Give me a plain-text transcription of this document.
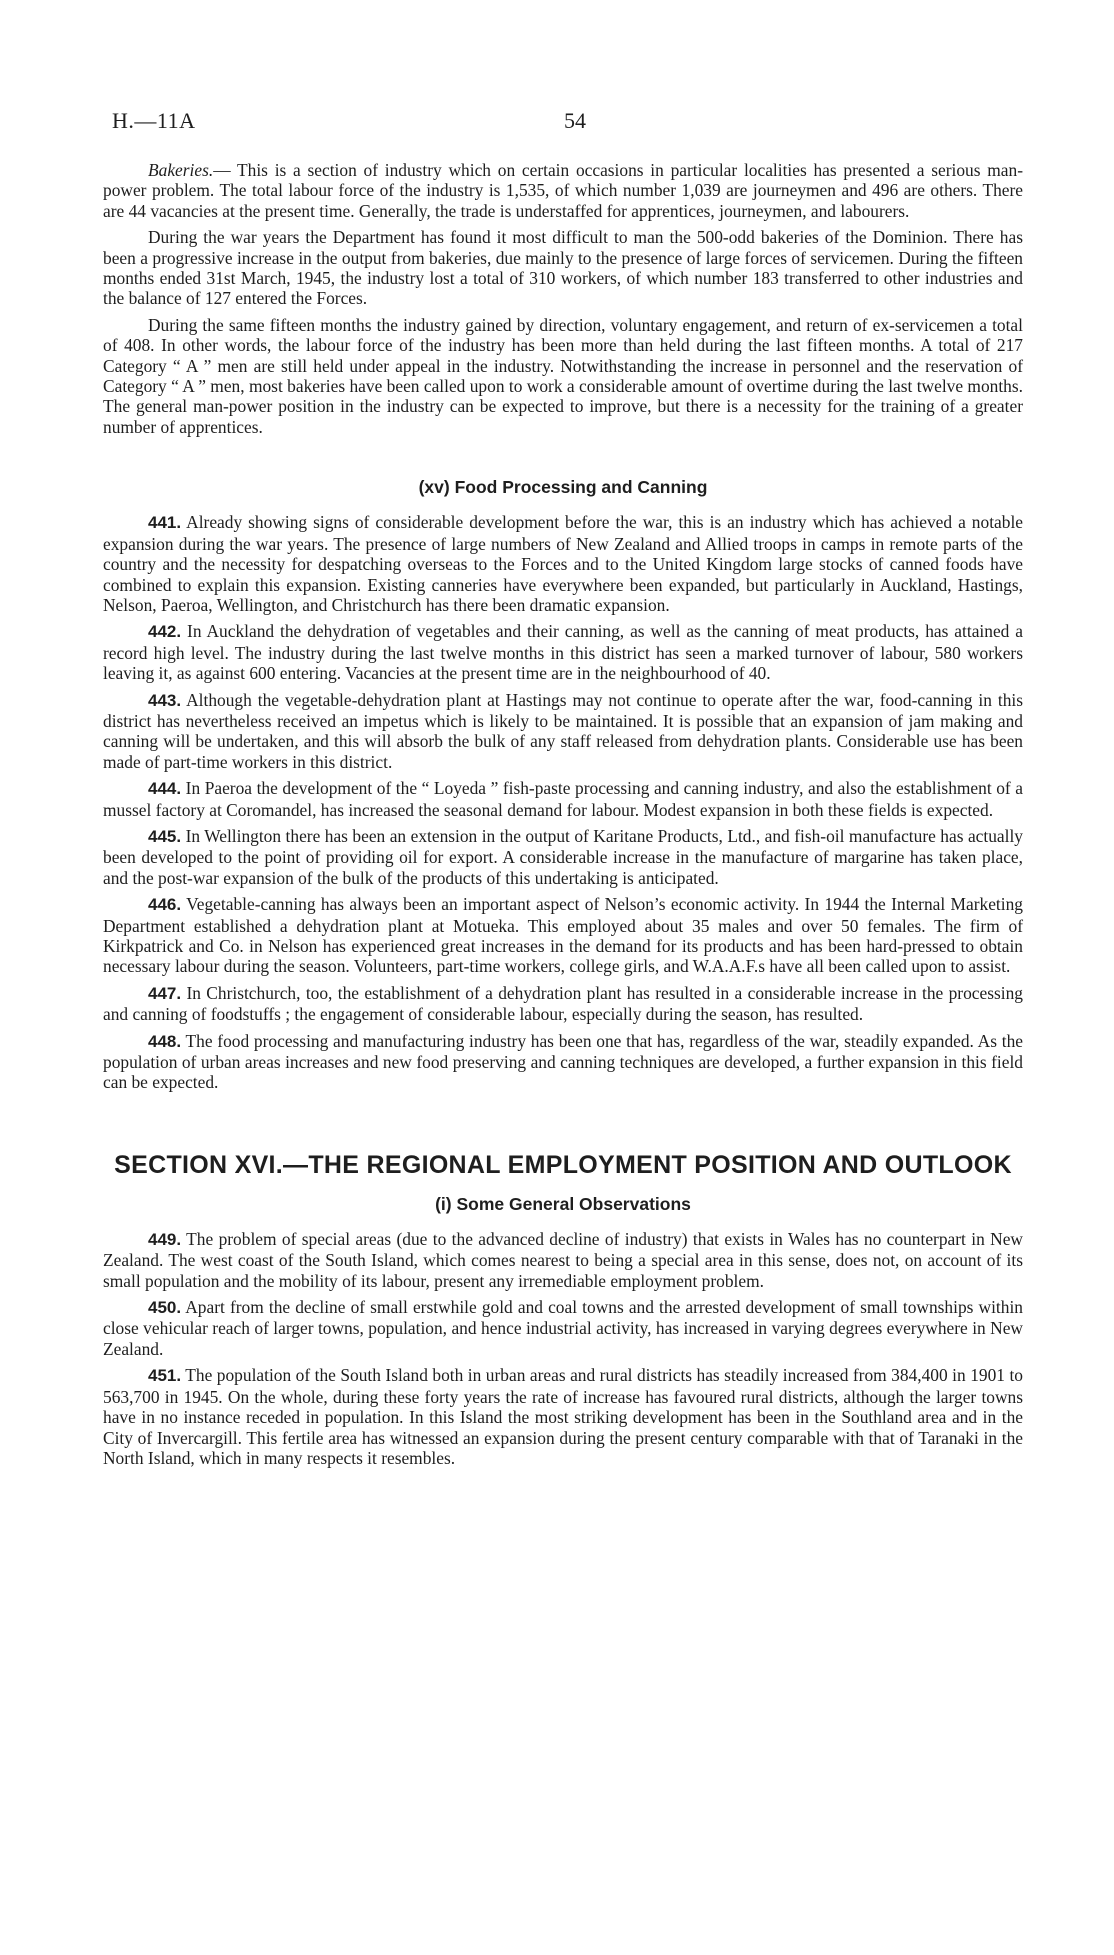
H.—11A	54

Bakeries.— This is a section of industry which on certain occasions in particular localities has presented a serious man-power problem. The total labour force of the industry is 1,535, of which number 1,039 are journeymen and 496 are others. There are 44 vacancies at the present time. Generally, the trade is understaffed for apprentices, journeymen, and labourers.

During the war years the Department has found it most difficult to man the 500-odd bakeries of the Dominion. There has been a progressive increase in the output from bakeries, due mainly to the presence of large forces of servicemen. During the fifteen months ended 31st March, 1945, the industry lost a total of 310 workers, of which number 183 transferred to other industries and the balance of 127 entered the Forces.

During the same fifteen months the industry gained by direction, voluntary engagement, and return of ex-servicemen a total of 408. In other words, the labour force of the industry has been more than held during the last fifteen months. A total of 217 Category “ A ” men are still held under appeal in the industry. Notwithstanding the increase in personnel and the reservation of Category “ A ” men, most bakeries have been called upon to work a considerable amount of overtime during the last twelve months. The general man-power position in the industry can be expected to improve, but there is a necessity for the training of a greater number of apprentices.

(xv) Food Processing and Canning

441. Already showing signs of considerable development before the war, this is an industry which has achieved a notable expansion during the war years. The presence of large numbers of New Zealand and Allied troops in camps in remote parts of the country and the necessity for despatching overseas to the Forces and to the United Kingdom large stocks of canned foods have combined to explain this expansion. Existing canneries have everywhere been expanded, but particularly in Auckland, Hastings, Nelson, Paeroa, Wellington, and Christchurch has there been dramatic expansion.

442. In Auckland the dehydration of vegetables and their canning, as well as the canning of meat products, has attained a record high level. The industry during the last twelve months in this district has seen a marked turnover of labour, 580 workers leaving it, as against 600 entering. Vacancies at the present time are in the neighbourhood of 40.

443. Although the vegetable-dehydration plant at Hastings may not continue to operate after the war, food-canning in this district has nevertheless received an impetus which is likely to be maintained. It is possible that an expansion of jam making and canning will be undertaken, and this will absorb the bulk of any staff released from dehydration plants. Considerable use has been made of part-time workers in this district.

444. In Paeroa the development of the “ Loyeda ” fish-paste processing and canning industry, and also the establishment of a mussel factory at Coromandel, has increased the seasonal demand for labour. Modest expansion in both these fields is expected.

445. In Wellington there has been an extension in the output of Karitane Products, Ltd., and fish-oil manufacture has actually been developed to the point of providing oil for export. A considerable increase in the manufacture of margarine has taken place, and the post-war expansion of the bulk of the products of this undertaking is anticipated.

446. Vegetable-canning has always been an important aspect of Nelson’s economic activity. In 1944 the Internal Marketing Department established a dehydration plant at Motueka. This employed about 35 males and over 50 females. The firm of Kirkpatrick and Co. in Nelson has experienced great increases in the demand for its products and has been hard-pressed to obtain necessary labour during the season. Volunteers, part-time workers, college girls, and W.A.A.F.s have all been called upon to assist.

447. In Christchurch, too, the establishment of a dehydration plant has resulted in a considerable increase in the processing and canning of foodstuffs ; the engagement of considerable labour, especially during the season, has resulted.

448. The food processing and manufacturing industry has been one that has, regardless of the war, steadily expanded. As the population of urban areas increases and new food preserving and canning techniques are developed, a further expansion in this field can be expected.

SECTION XVI.—THE REGIONAL EMPLOYMENT POSITION AND OUTLOOK
(i) Some General Observations

449. The problem of special areas (due to the advanced decline of industry) that exists in Wales has no counterpart in New Zealand. The west coast of the South Island, which comes nearest to being a special area in this sense, does not, on account of its small population and the mobility of its labour, present any irremediable employment problem.

450. Apart from the decline of small erstwhile gold and coal towns and the arrested development of small townships within close vehicular reach of larger towns, population, and hence industrial activity, has increased in varying degrees everywhere in New Zealand.

451. The population of the South Island both in urban areas and rural districts has steadily increased from 384,400 in 1901 to 563,700 in 1945. On the whole, during these forty years the rate of increase has favoured rural districts, although the larger towns have in no instance receded in population. In this Island the most striking development has been in the Southland area and in the City of Invercargill. This fertile area has witnessed an expansion during the present century comparable with that of Taranaki in the North Island, which in many respects it resembles.
